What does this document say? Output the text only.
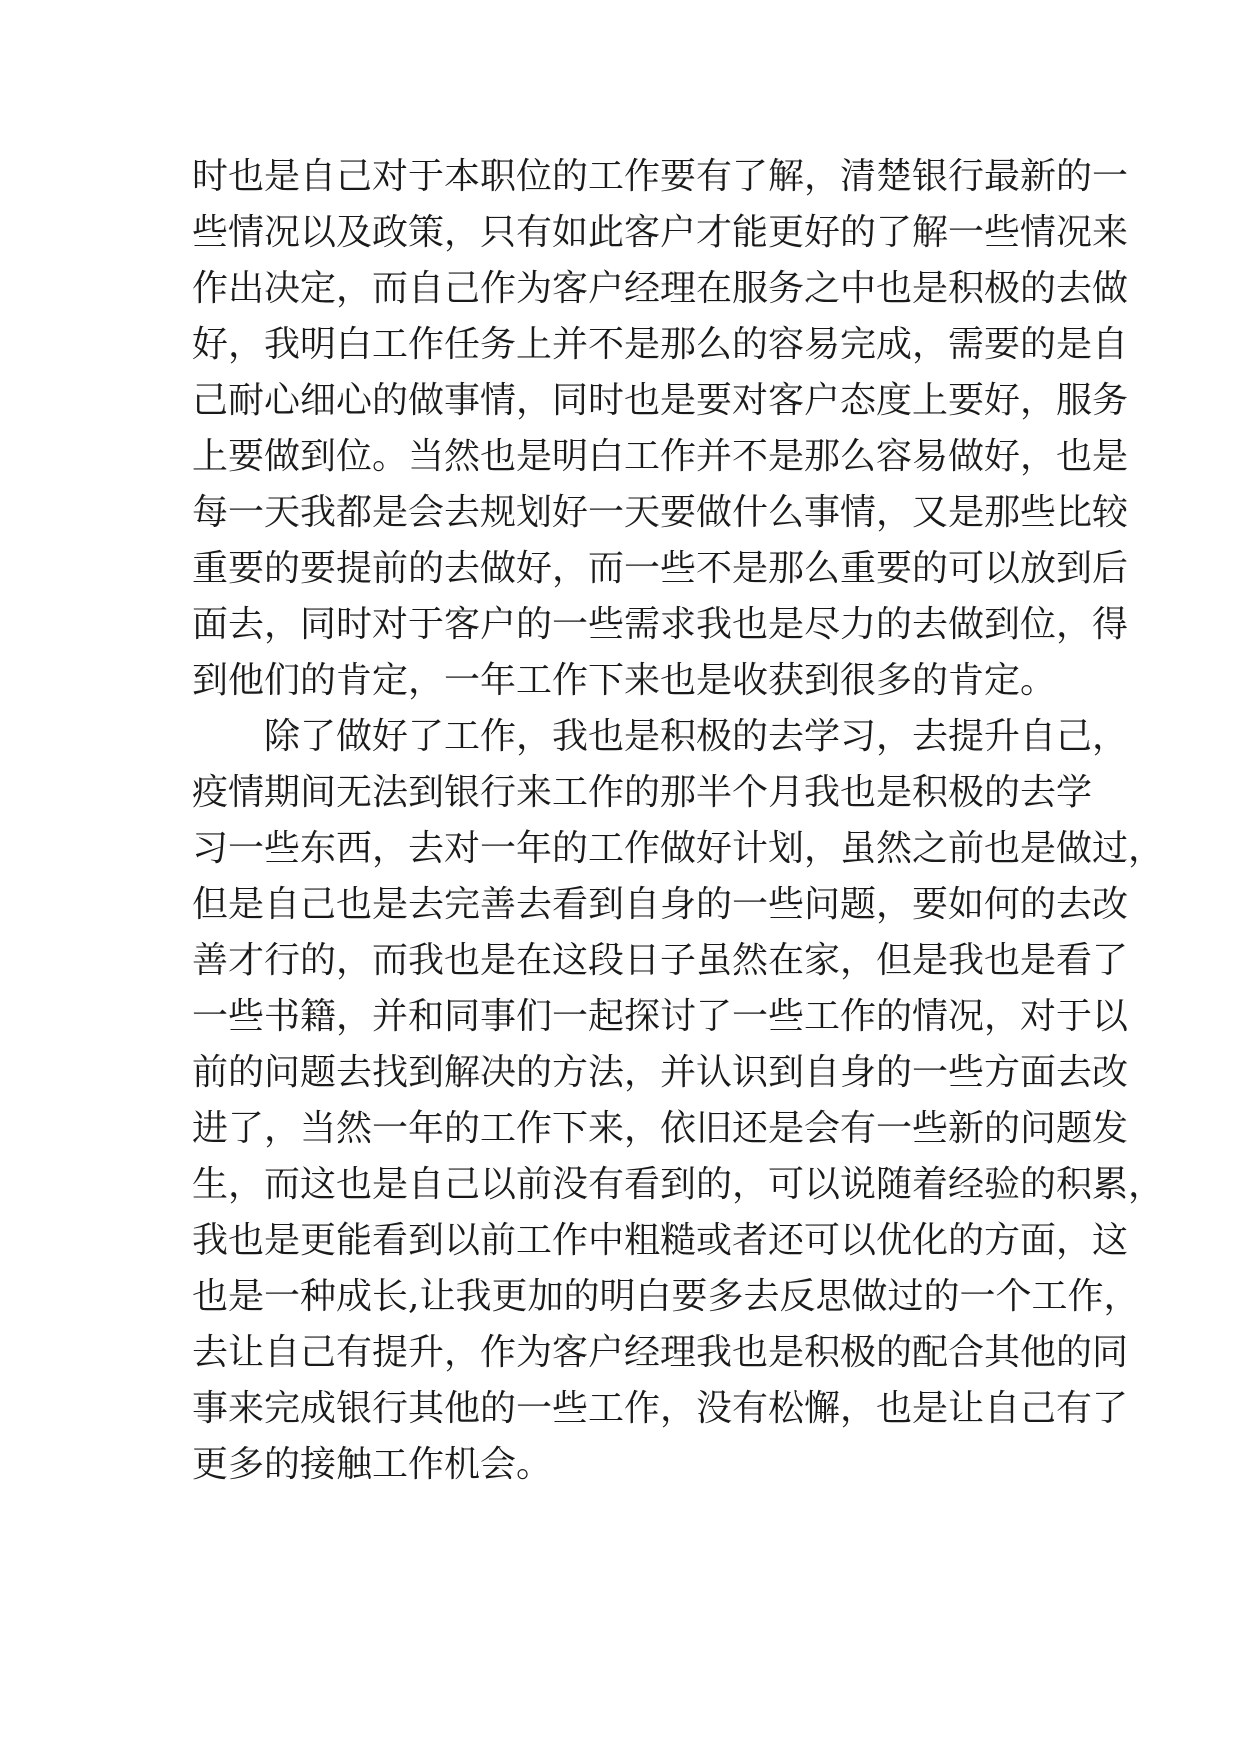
时也是自己对于本职位的工作要有了解，清楚银行最新的一
些情况以及政策，只有如此客户才能更好的了解一些情况来
作出决定，而自己作为客户经理在服务之中也是积极的去做
好，我明白工作任务上并不是那么的容易完成，需要的是自
己耐心细心的做事情，同时也是要对客户态度上要好，服务
上要做到位。当然也是明白工作并不是那么容易做好，也是
每一天我都是会去规划好一天要做什么事情，又是那些比较
重要的要提前的去做好，而一些不是那么重要的可以放到后
面去，同时对于客户的一些需求我也是尽力的去做到位，得
到他们的肯定，一年工作下来也是收获到很多的肯定。
除了做好了工作，我也是积极的去学习，去提升自己，
疫情期间无法到银行来工作的那半个月我也是积极的去学
习一些东西，去对一年的工作做好计划，虽然之前也是做过，
但是自己也是去完善去看到自身的一些问题，要如何的去改
善才行的，而我也是在这段日子虽然在家，但是我也是看了
一些书籍，并和同事们一起探讨了一些工作的情况，对于以
前的问题去找到解决的方法，并认识到自身的一些方面去改
进了，当然一年的工作下来，依旧还是会有一些新的问题发
生，而这也是自己以前没有看到的，可以说随着经验的积累，
我也是更能看到以前工作中粗糙或者还可以优化的方面，这
也是一种成长,让我更加的明白要多去反思做过的一个工作，
去让自己有提升，作为客户经理我也是积极的配合其他的同
事来完成银行其他的一些工作，没有松懈，也是让自己有了
更多的接触工作机会。
